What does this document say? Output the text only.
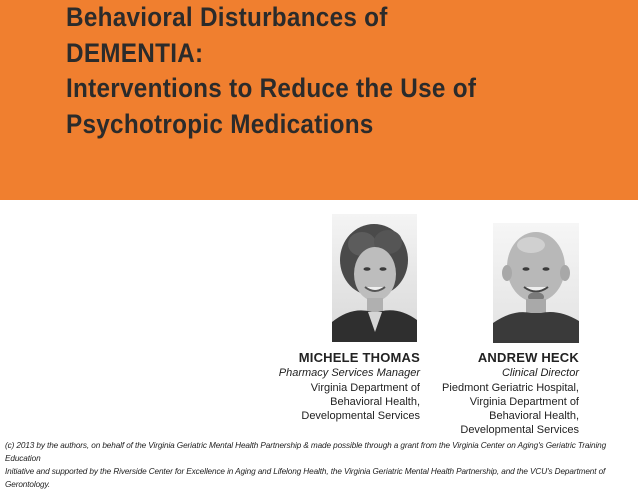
Behavioral Disturbances of
DEMENTIA:
Interventions to Reduce the Use of
Psychotropic Medications
MICHELE THOMAS
Pharmacy Services Manager
Virginia Department of
Behavioral Health,
Developmental Services
ANDREW HECK
Clinical Director
Piedmont Geriatric Hospital,
Virginia Department of
Behavioral Health,
Developmental Services
(c) 2013 by the authors, on behalf of the Virginia Geriatric Mental Health Partnership & made possible through a grant from the Virginia Center on Aging's Geriatric Training Education
Initiative and supported by the Riverside Center for Excellence in Aging and Lifelong Health, the Virginia Geriatric Mental Health Partnership, and the VCU's Department of Gerontology.
